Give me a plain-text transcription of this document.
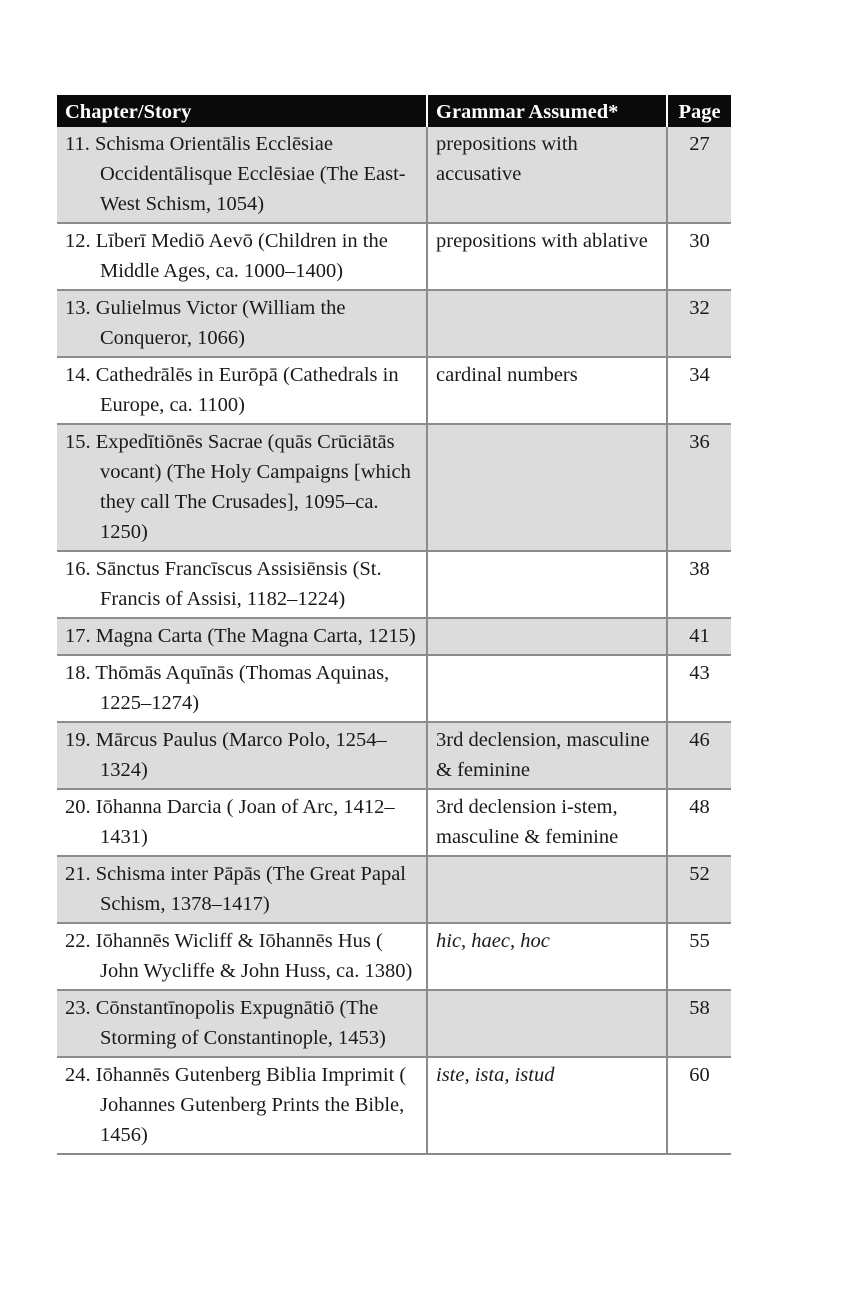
Chapter/Story	Grammar Assumed*	Page

11. Schisma Orientālis Ecclēsiae Occidentālisque Ecclēsiae (The East-West Schism, 1054)	prepositions with accusative	27

12. Līberī Mediō Aevō (Children in the Middle Ages, ca. 1000–1400)	prepositions with ablative	30

13. Gulielmus Victor (William the Conqueror, 1066)		32

14. Cathedrālēs in Eurōpā (Cathedrals in Europe, ca. 1100)	cardinal numbers	34

15. Expedītiōnēs Sacrae (quās Crūciātās vocant) (The Holy Campaigns [which they call The Crusades], 1095–ca. 1250)		36

16. Sānctus Francīscus Assisiēnsis (St. Francis of Assisi, 1182–1224)		38

17. Magna Carta (The Magna Carta, 1215)		41

18. Thōmās Aquīnās (Thomas Aquinas, 1225–1274)		43

19. Mārcus Paulus (Marco Polo, 1254–1324)	3rd declension, masculine & feminine	46

20. Iōhanna Darcia ( Joan of Arc, 1412–1431)	3rd declension i-stem, masculine & feminine	48

21. Schisma inter Pāpās (The Great Papal Schism, 1378–1417)		52

22. Iōhannēs Wicliff & Iōhannēs Hus ( John Wycliffe & John Huss, ca. 1380)	hic, haec, hoc	55

23. Cōnstantīnopolis Expugnātiō (The Storming of Constantinople, 1453)		58

24. Iōhannēs Gutenberg Biblia Imprimit ( Johannes Gutenberg Prints the Bible, 1456)	iste, ista, istud	60
